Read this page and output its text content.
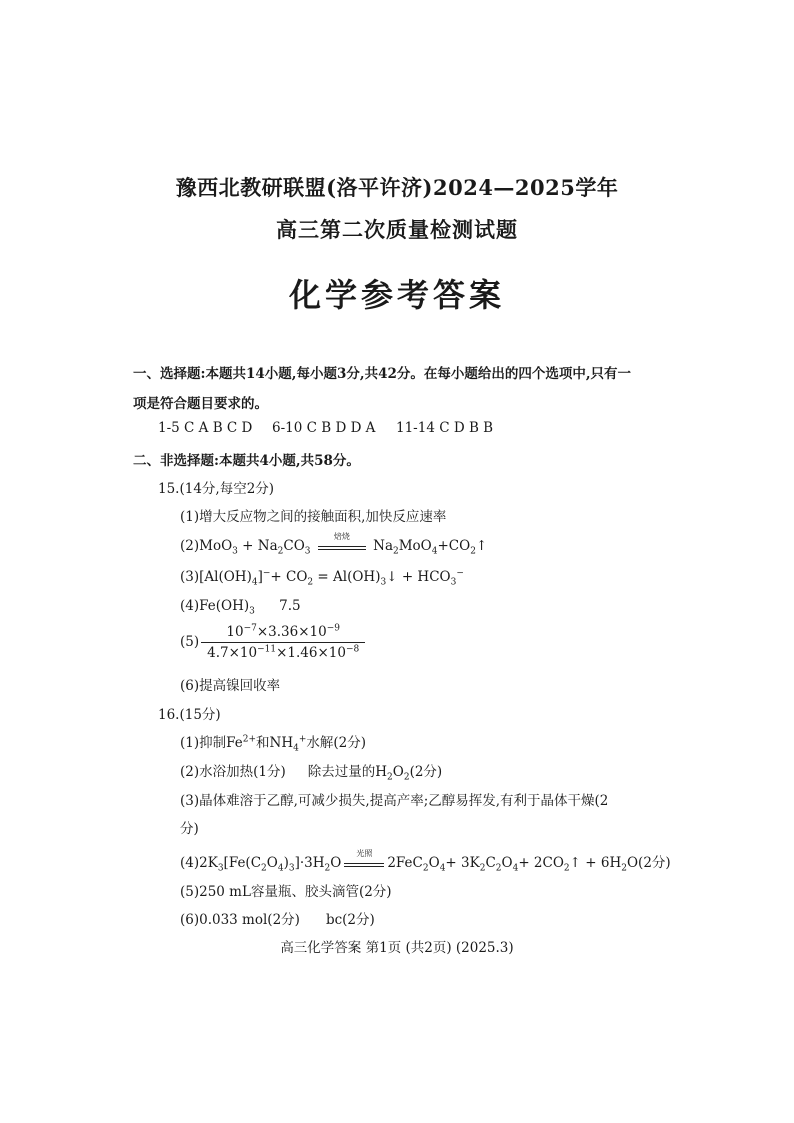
豫西北教研联盟(洛平许济)2024—2025学年
高三第二次质量检测试题
化学参考答案
一、选择题:本题共14小题,每小题3分,共42分。在每小题给出的四个选项中,只有一
项是符合题目要求的。
1-5 C A B C D 6-10 C B D D A 11-14 C D B B
二、非选择题:本题共4小题,共58分。
15.(14分,每空2分)
(1)增大反应物之间的接触面积,加快反应速率
$(2)MoO_3 + Na_2CO_3$
焙烧
$Na_2MoO_4+CO_2↑$
$(3)[Al(OH)_4]^-+ CO_2$ = $Al(OH)_3↓ + HCO_3^-$
$(4)Fe(OH)_3$ 7.5
$(5) \frac{10^{-7}\times 3.36\times 10^{-9}}{4.7\times 10^{-11}\times 1.46\times 10^{-8}}$
(6)提高镍回收率
16.(15分)
(1)抑制$Fe^{2+}$和$NH_4^+$水解(2分)
(2)水浴加热(1分) 除去过量的$H_2O_2(2$分)
(3)晶体难溶于乙醇,可减少损失,提高产率;乙醇易挥发,有利于晶体干燥(2
分)
$(4)2K_3[Fe(C_2O_4)_3]\cdot 3H_2O$
光照
$2FeC_2O_4+ 3K_2C_2O_4+$ $2CO_2↑ + 6H_2O(2$分)
(5)250 mL容量瓶、胶头滴管(2分)
(6)0.033 mol(2分) bc(2分)
高三化学答案 第1页 (共2页) (2025.3)
